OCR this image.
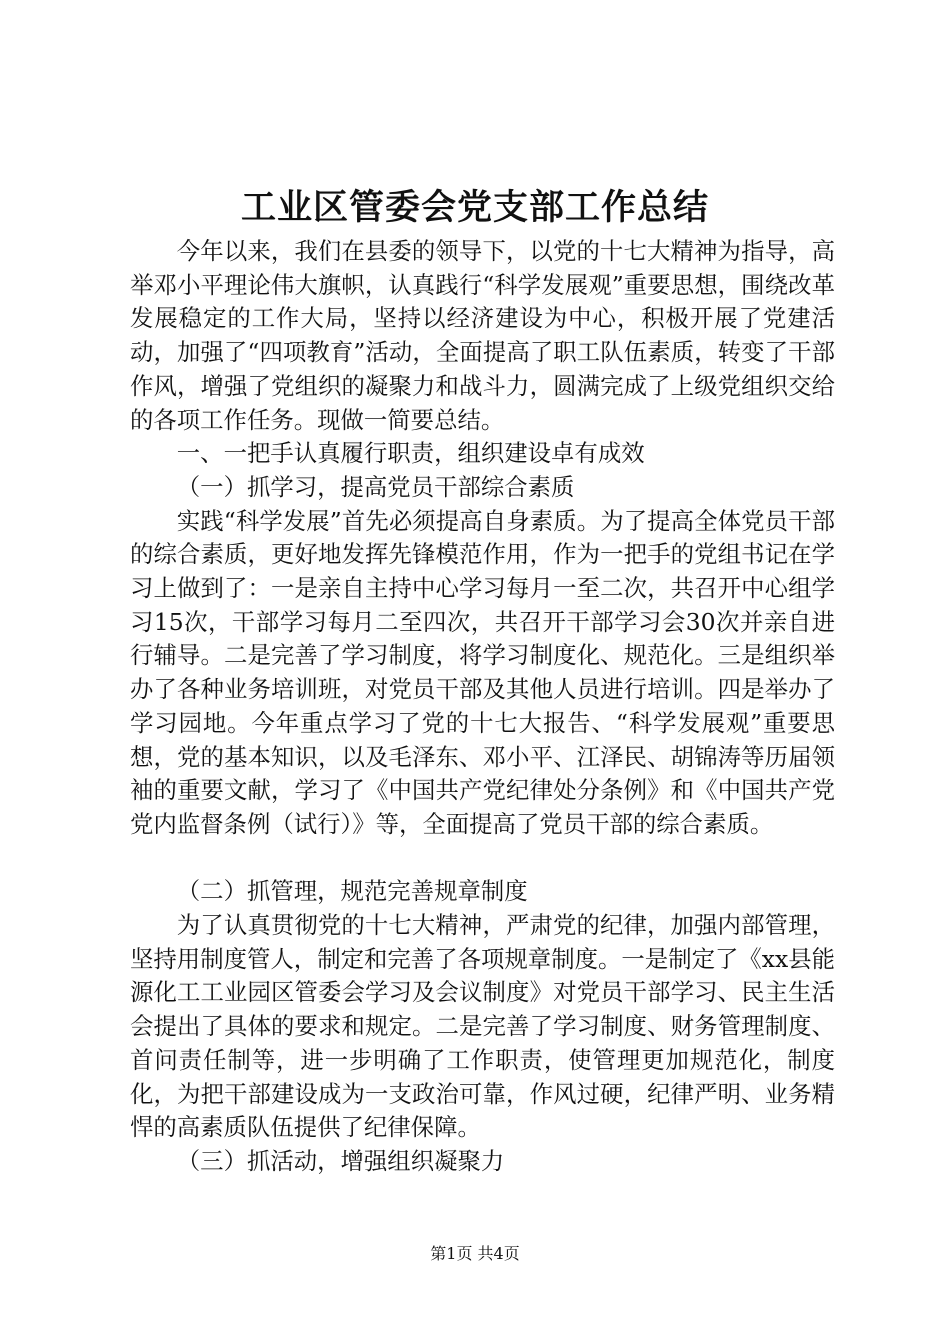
工业区管委会党支部工作总结

今年以来，我们在县委的领导下，以党的十七大精神为指导，高举邓小平理论伟大旗帜，认真践行“科学发展观”重要思想，围绕改革发展稳定的工作大局，坚持以经济建设为中心，积极开展了党建活动，加强了“四项教育”活动，全面提高了职工队伍素质，转变了干部作风，增强了党组织的凝聚力和战斗力，圆满完成了上级党组织交给的各项工作任务。现做一简要总结。

一、一把手认真履行职责，组织建设卓有成效

（一）抓学习，提高党员干部综合素质

实践“科学发展”首先必须提高自身素质。为了提高全体党员干部的综合素质，更好地发挥先锋模范作用，作为一把手的党组书记在学习上做到了：一是亲自主持中心学习每月一至二次，共召开中心组学习15次，干部学习每月二至四次，共召开干部学习会30次并亲自进行辅导。二是完善了学习制度，将学习制度化、规范化。三是组织举办了各种业务培训班，对党员干部及其他人员进行培训。四是举办了学习园地。今年重点学习了党的十七大报告、“科学发展观”重要思想，党的基本知识，以及毛泽东、邓小平、江泽民、胡锦涛等历届领袖的重要文献，学习了《中国共产党纪律处分条例》和《中国共产党党内监督条例（试行）》等，全面提高了党员干部的综合素质。

（二）抓管理，规范完善规章制度

为了认真贯彻党的十七大精神，严肃党的纪律，加强内部管理，坚持用制度管人，制定和完善了各项规章制度。一是制定了《xx县能源化工工业园区管委会学习及会议制度》对党员干部学习、民主生活会提出了具体的要求和规定。二是完善了学习制度、财务管理制度、首问责任制等，进一步明确了工作职责，使管理更加规范化，制度化，为把干部建设成为一支政治可靠，作风过硬，纪律严明、业务精悍的高素质队伍提供了纪律保障。

（三）抓活动，增强组织凝聚力

第1页 共4页
